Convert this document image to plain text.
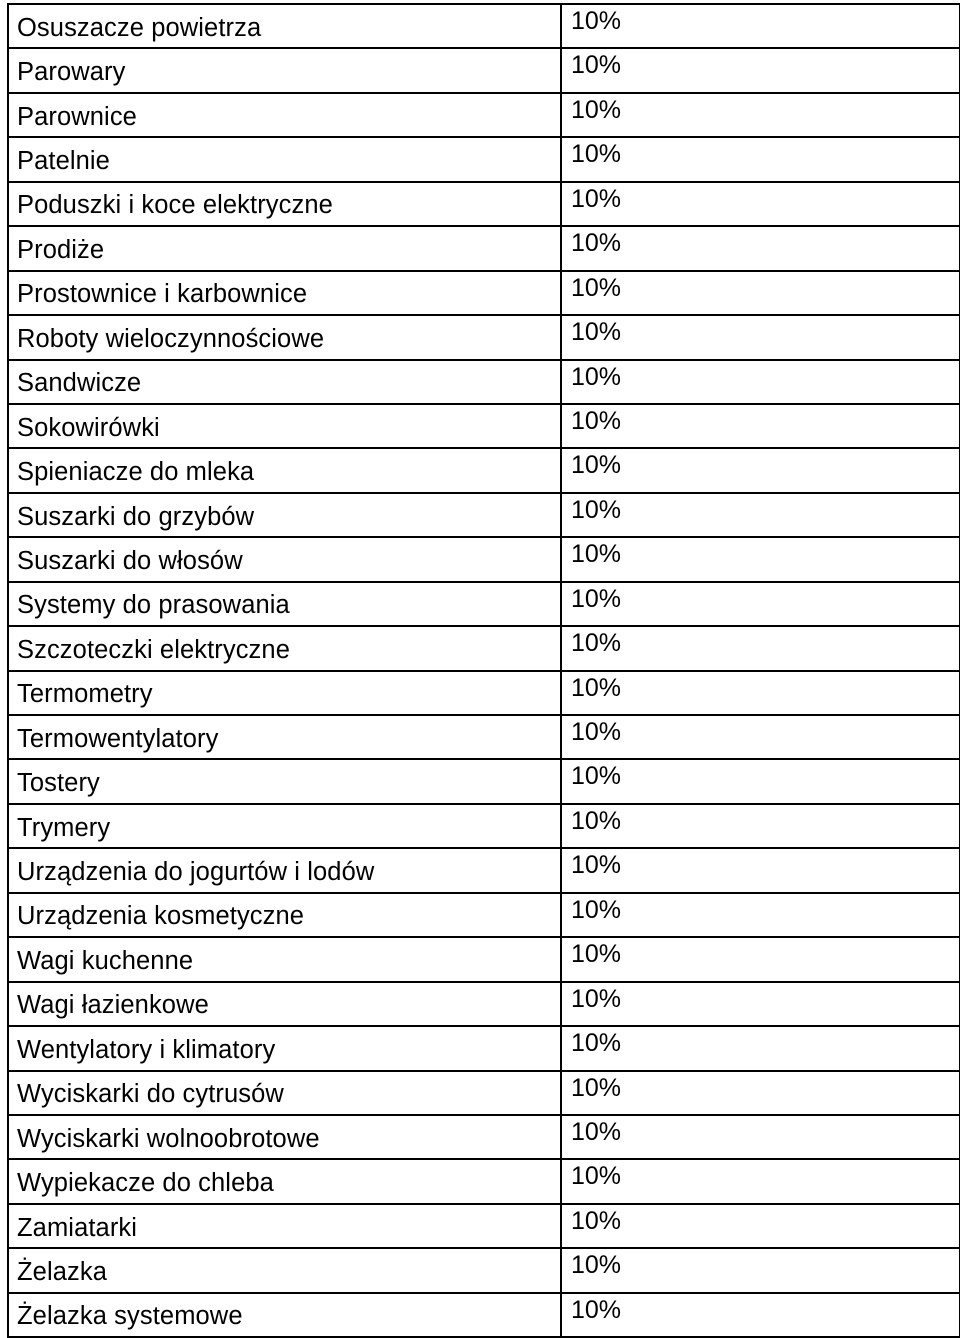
Osuszacze powietrza	10%
Parowary	10%
Parownice	10%
Patelnie	10%
Poduszki i koce elektryczne	10%
Prodiże	10%
Prostownice i karbownice	10%
Roboty wieloczynnościowe	10%
Sandwicze	10%
Sokowirówki	10%
Spieniacze do mleka	10%
Suszarki do grzybów	10%
Suszarki do włosów	10%
Systemy do prasowania	10%
Szczoteczki elektryczne	10%
Termometry	10%
Termowentylatory	10%
Tostery	10%
Trymery	10%
Urządzenia do jogurtów i lodów	10%
Urządzenia kosmetyczne	10%
Wagi kuchenne	10%
Wagi łazienkowe	10%
Wentylatory i klimatory	10%
Wyciskarki do cytrusów	10%
Wyciskarki wolnoobrotowe	10%
Wypiekacze do chleba	10%
Zamiatarki	10%
Żelazka	10%
Żelazka systemowe	10%
